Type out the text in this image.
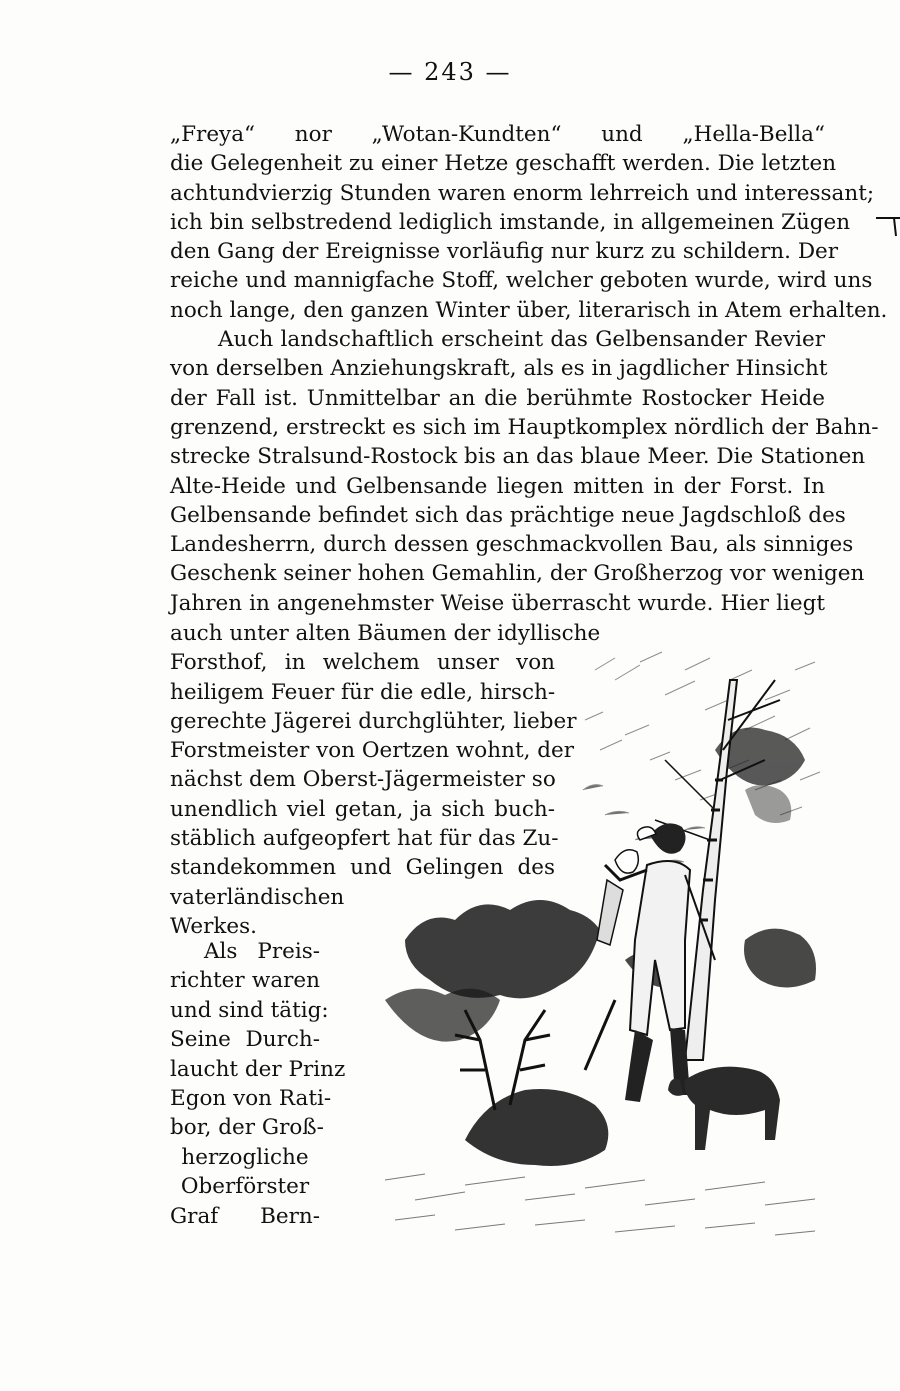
— 243 —
„Freya“ nor „Wotan-Kundten“ und „Hella-Bella“
die Gelegenheit zu einer Hetze geschafft werden. Die letzten
achtundvierzig Stunden waren enorm lehrreich und interessant;
ich bin selbstredend lediglich imstande, in allgemeinen Zügen
den Gang der Ereignisse vorläufig nur kurz zu schildern. Der
reiche und mannigfache Stoff, welcher geboten wurde, wird uns
noch lange, den ganzen Winter über, literarisch in Atem erhalten.
Auch landschaftlich erscheint das Gelbensander Revier
von derselben Anziehungskraft, als es in jagdlicher Hinsicht
der Fall ist. Unmittelbar an die berühmte Rostocker Heide
grenzend, erstreckt es sich im Hauptkomplex nördlich der Bahn-
strecke Stralsund-Rostock bis an das blaue Meer. Die Stationen
Alte-Heide und Gelbensande liegen mitten in der Forst. In
Gelbensande befindet sich das prächtige neue Jagdschloß des
Landesherrn, durch dessen geschmackvollen Bau, als sinniges
Geschenk seiner hohen Gemahlin, der Großherzog vor wenigen
Jahren in angenehmster Weise überrascht wurde. Hier liegt
auch unter alten Bäumen der idyllische
Forsthof, in welchem unser von
heiligem Feuer für die edle, hirsch-
gerechte Jägerei durchglühter, lieber
Forstmeister von Oertzen wohnt, der
nächst dem Oberst-Jägermeister so
unendlich viel getan, ja sich buch-
stäblich aufgeopfert hat für das Zu-
standekommen und Gelingen des
vaterländischen
Werkes.
Als Preis-
richter waren
und sind tätig:
Seine Durch-
laucht der Prinz
Egon von Rati-
bor, der Groß-
herzogliche
Oberförster
Graf Bern-
